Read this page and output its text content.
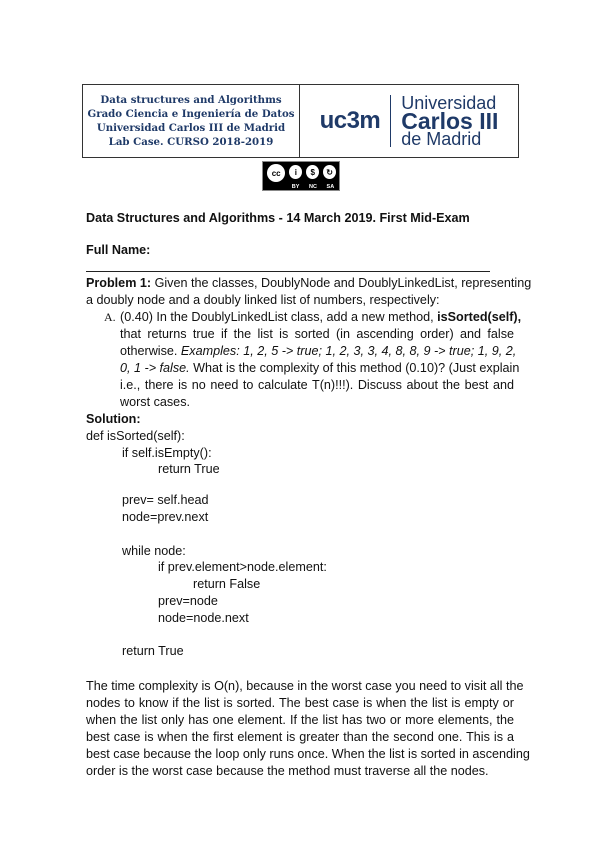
Data structures and Algorithms
Grado Ciencia e Ingeniería de Datos
Universidad Carlos III de Madrid
Lab Case. CURSO 2018-2019
uc3m
Universidad
Carlos III
de Madrid
cc	i	$	↻
BY NC SA
Data Structures and Algorithms - 14 March 2019. First Mid-Exam
Full Name:
Problem 1: Given the classes, DoublyNode and DoublyLinkedList, representing
a doubly node and a doubly linked list of numbers, respectively:
A. (0.40) In the DoublyLinkedList class, add a new method, isSorted(self),
that returns true if the list is sorted (in ascending order) and false
otherwise. Examples: 1, 2, 5 -> true; 1, 2, 3, 3, 4, 8, 8, 9 -> true; 1, 9, 2,
0, 1 -> false. What is the complexity of this method (0.10)? (Just explain
i.e., there is no need to calculate T(n)!!!). Discuss about the best and
worst cases.
Solution:
def isSorted(self):
if self.isEmpty():
return True
prev= self.head
node=prev.next
while node:
if prev.element>node.element:
return False
prev=node
node=node.next
return True
The time complexity is O(n), because in the worst case you need to visit all the
nodes to know if the list is sorted. The best case is when the list is empty or
when the list only has one element. If the list has two or more elements, the
best case is when the first element is greater than the second one. This is a
best case because the loop only runs once. When the list is sorted in ascending
order is the worst case because the method must traverse all the nodes.
